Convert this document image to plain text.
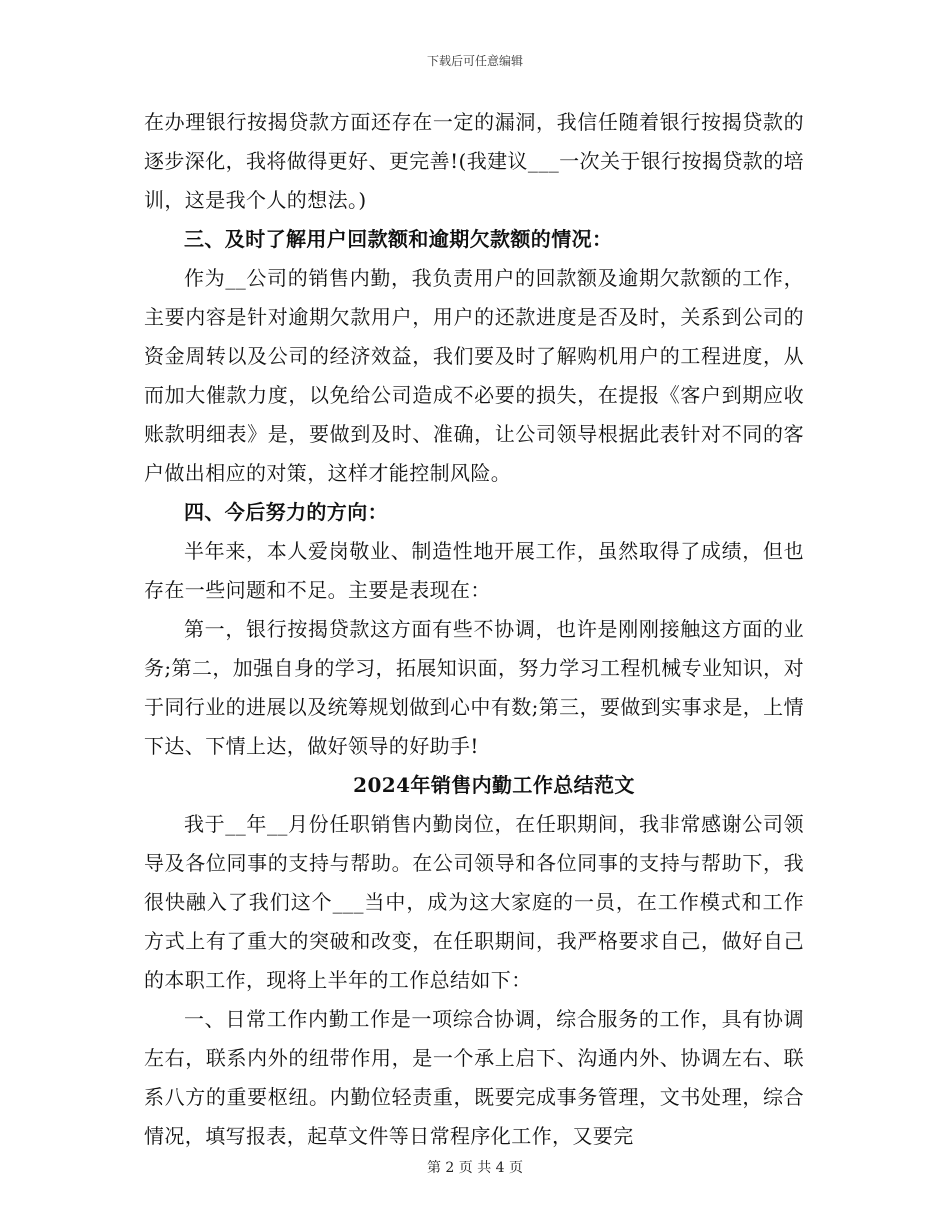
下载后可任意编辑

在办理银行按揭贷款方面还存在一定的漏洞，我信任随着银行按揭贷款的逐步深化，我将做得更好、更完善!(我建议___一次关于银行按揭贷款的培训，这是我个人的想法。)

三、及时了解用户回款额和逾期欠款额的情况：

作为__公司的销售内勤，我负责用户的回款额及逾期欠款额的工作，主要内容是针对逾期欠款用户，用户的还款进度是否及时，关系到公司的资金周转以及公司的经济效益，我们要及时了解购机用户的工程进度，从而加大催款力度，以免给公司造成不必要的损失，在提报《客户到期应收账款明细表》是，要做到及时、准确，让公司领导根据此表针对不同的客户做出相应的对策，这样才能控制风险。

四、今后努力的方向：

半年来，本人爱岗敬业、制造性地开展工作，虽然取得了成绩，但也存在一些问题和不足。主要是表现在：

第一，银行按揭贷款这方面有些不协调，也许是刚刚接触这方面的业务;第二，加强自身的学习，拓展知识面，努力学习工程机械专业知识，对于同行业的进展以及统筹规划做到心中有数;第三，要做到实事求是，上情下达、下情上达，做好领导的好助手!

2024年销售内勤工作总结范文

我于__年__月份任职销售内勤岗位，在任职期间，我非常感谢公司领导及各位同事的支持与帮助。在公司领导和各位同事的支持与帮助下，我很快融入了我们这个___当中，成为这大家庭的一员，在工作模式和工作方式上有了重大的突破和改变，在任职期间，我严格要求自己，做好自己的本职工作，现将上半年的工作总结如下：

一、日常工作内勤工作是一项综合协调，综合服务的工作，具有协调左右，联系内外的纽带作用，是一个承上启下、沟通内外、协调左右、联系八方的重要枢纽。内勤位轻责重，既要完成事务管理，文书处理，综合情况，填写报表，起草文件等日常程序化工作，又要完

第 2 页 共 4 页
